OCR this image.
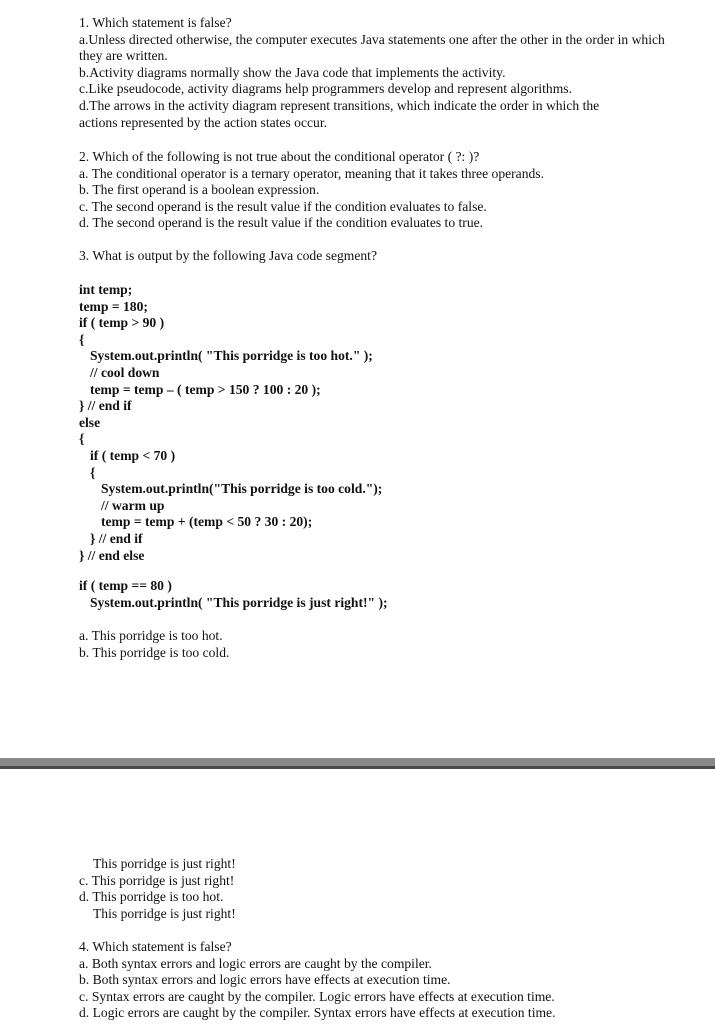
1. Which statement is false?
a.Unless directed otherwise, the computer executes Java statements one after the other in the order in which they are written.
b.Activity diagrams normally show the Java code that implements the activity.
c.Like pseudocode, activity diagrams help programmers develop and represent algorithms.
d.The arrows in the activity diagram represent transitions, which indicate the order in which the actions represented by the action states occur.
2. Which of the following is not true about the conditional operator ( ?: )?
a. The conditional operator is a ternary operator, meaning that it takes three operands.
b. The first operand is a boolean expression.
c. The second operand is the result value if the condition evaluates to false.
d. The second operand is the result value if the condition evaluates to true.
3. What is output by the following Java code segment?
int temp;
temp = 180;
if ( temp > 90 )
{
System.out.println( "This porridge is too hot." );
// cool down
temp = temp – ( temp > 150 ? 100 : 20 );
} // end if
else
{
if ( temp < 70 )
{
System.out.println("This porridge is too cold.");
// warm up
temp = temp + (temp < 50 ? 30 : 20);
} // end if
} // end else
if ( temp == 80 )
System.out.println( "This porridge is just right!" );
a. This porridge is too hot.
b. This porridge is too cold.
This porridge is just right!
c. This porridge is just right!
d. This porridge is too hot.
This porridge is just right!
4. Which statement is false?
a. Both syntax errors and logic errors are caught by the compiler.
b. Both syntax errors and logic errors have effects at execution time.
c. Syntax errors are caught by the compiler. Logic errors have effects at execution time.
d. Logic errors are caught by the compiler. Syntax errors have effects at execution time.
